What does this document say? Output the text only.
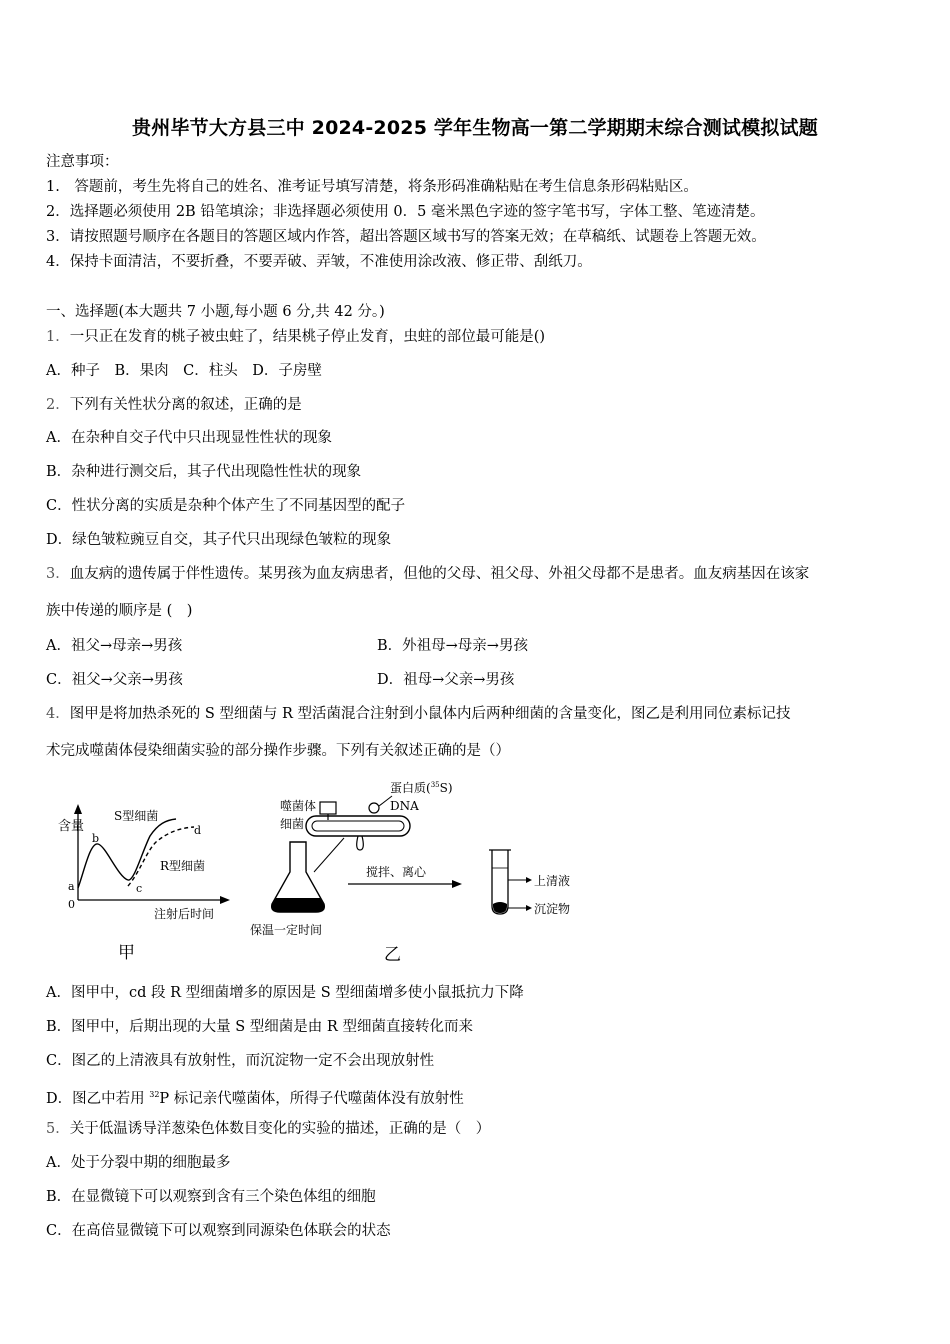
贵州毕节大方县三中 2024-2025 学年生物高一第二学期期末综合测试模拟试题
注意事项：
1.　答题前，考生先将自己的姓名、准考证号填写清楚，将条形码准确粘贴在考生信息条形码粘贴区。
2．选择题必须使用 2B 铅笔填涂；非选择题必须使用 0．5 毫米黑色字迹的签字笔书写，字体工整、笔迹清楚。
3．请按照题号顺序在各题目的答题区域内作答，超出答题区域书写的答案无效；在草稿纸、试题卷上答题无效。
4．保持卡面清洁，不要折叠，不要弄破、弄皱，不准使用涂改液、修正带、刮纸刀。
一、选择题(本大题共 7 小题,每小题 6 分,共 42 分。)
1．一只正在发育的桃子被虫蛀了，结果桃子停止发育，虫蛀的部位最可能是()
A．种子　B．果肉　C．柱头　D．子房壁
2．下列有关性状分离的叙述，正确的是
A．在杂种自交子代中只出现显性性状的现象
B．杂种进行测交后，其子代出现隐性性状的现象
C．性状分离的实质是杂种个体产生了不同基因型的配子
D．绿色皱粒豌豆自交，其子代只出现绿色皱粒的现象
3．血友病的遗传属于伴性遗传。某男孩为血友病患者，但他的父母、祖父母、外祖父母都不是患者。血友病基因在该家
族中传递的顺序是 (　)
A．祖父→母亲→男孩	B．外祖母→母亲→男孩
C．祖父→父亲→男孩	D．祖母→父亲→男孩
4．图甲是将加热杀死的 S 型细菌与 R 型活菌混合注射到小鼠体内后两种细菌的含量变化，图乙是利用同位素标记技
术完成噬菌体侵染细菌实验的部分操作步骤。下列有关叙述正确的是（）
含量
S型细菌
R型细菌
a
b
c
d
0
注射后时间
甲
噬菌体
细菌
蛋白质($^{35}$S)
DNA
保温一定时间
搅拌、离心
上清液
沉淀物
乙
A．图甲中，cd 段 R 型细菌增多的原因是 S 型细菌增多使小鼠抵抗力下降
B．图甲中，后期出现的大量 S 型细菌是由 R 型细菌直接转化而来
C．图乙的上清液具有放射性，而沉淀物一定不会出现放射性
D．图乙中若用 $^{32}$P 标记亲代噬菌体，所得子代噬菌体没有放射性
5．关于低温诱导洋葱染色体数目变化的实验的描述，正确的是（　）
A．处于分裂中期的细胞最多
B．在显微镜下可以观察到含有三个染色体组的细胞
C．在高倍显微镜下可以观察到同源染色体联会的状态
